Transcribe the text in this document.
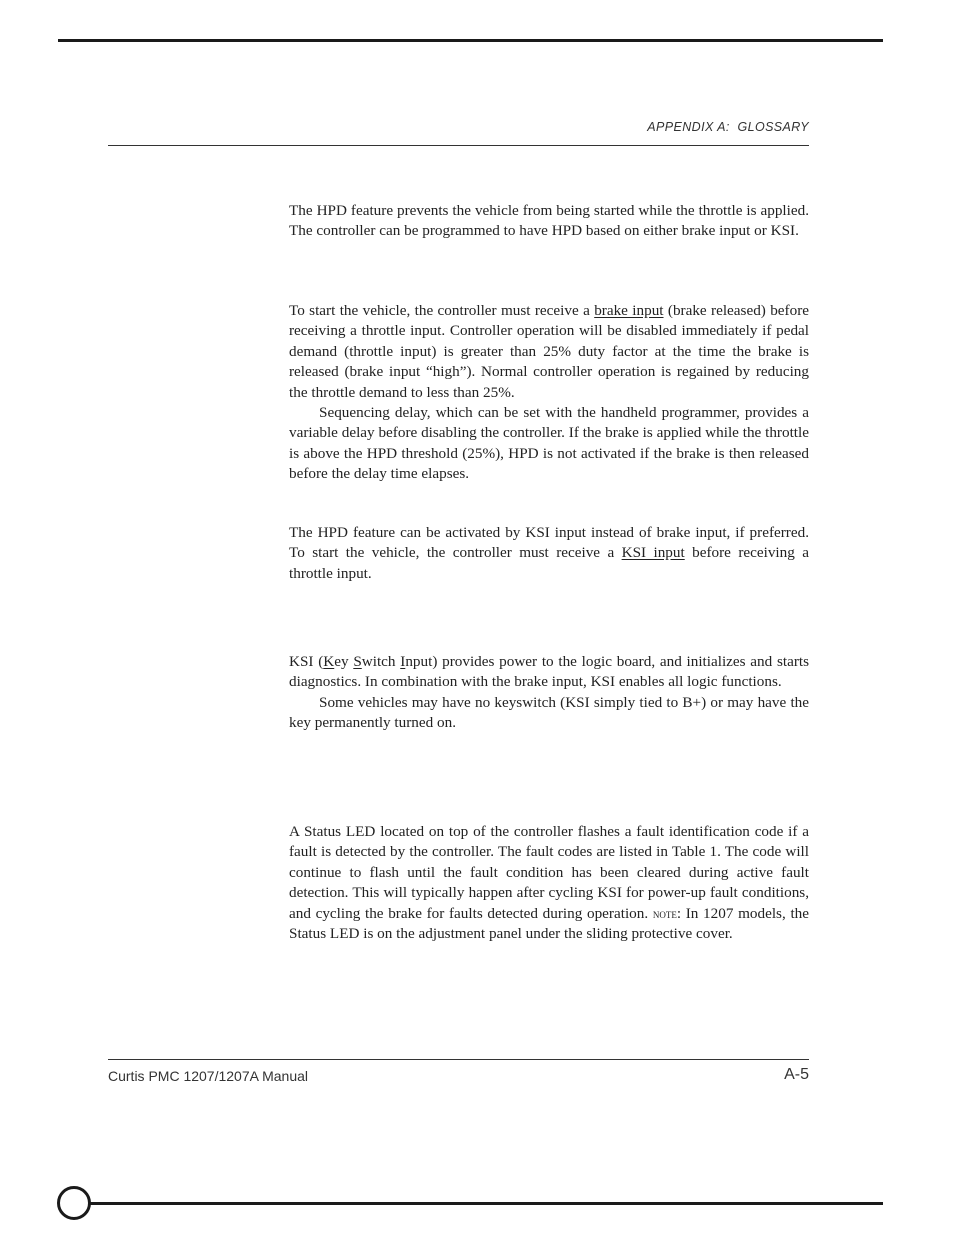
APPENDIX A:  GLOSSARY

The HPD feature prevents the vehicle from being started while the throttle is applied. The controller can be programmed to have HPD based on either brake input or KSI.

To start the vehicle, the controller must receive a brake input (brake released) before receiving a throttle input. Controller operation will be disabled immediately if pedal demand (throttle input) is greater than 25% duty factor at the time the brake is released (brake input “high”). Normal controller operation is regained by reducing the throttle demand to less than 25%.

Sequencing delay, which can be set with the handheld programmer, provides a variable delay before disabling the controller. If the brake is applied while the throttle is above the HPD threshold (25%), HPD is not activated if the brake is then released before the delay time elapses.

The HPD feature can be activated by KSI input instead of brake input, if preferred. To start the vehicle, the controller must receive a KSI input before receiving a throttle input.

KSI (Key Switch Input) provides power to the logic board, and initializes and starts diagnostics. In combination with the brake input, KSI enables all logic functions.

Some vehicles may have no keyswitch (KSI simply tied to B+) or may have the key permanently turned on.

A Status LED located on top of the controller flashes a fault identification code if a fault is detected by the controller. The fault codes are listed in Table 1. The code will continue to flash until the fault condition has been cleared during active fault detection. This will typically happen after cycling KSI for power-up fault conditions, and cycling the brake for faults detected during operation. note: In 1207 models, the Status LED is on the adjustment panel under the sliding protective cover.

Curtis PMC 1207/1207A Manual	A-5
